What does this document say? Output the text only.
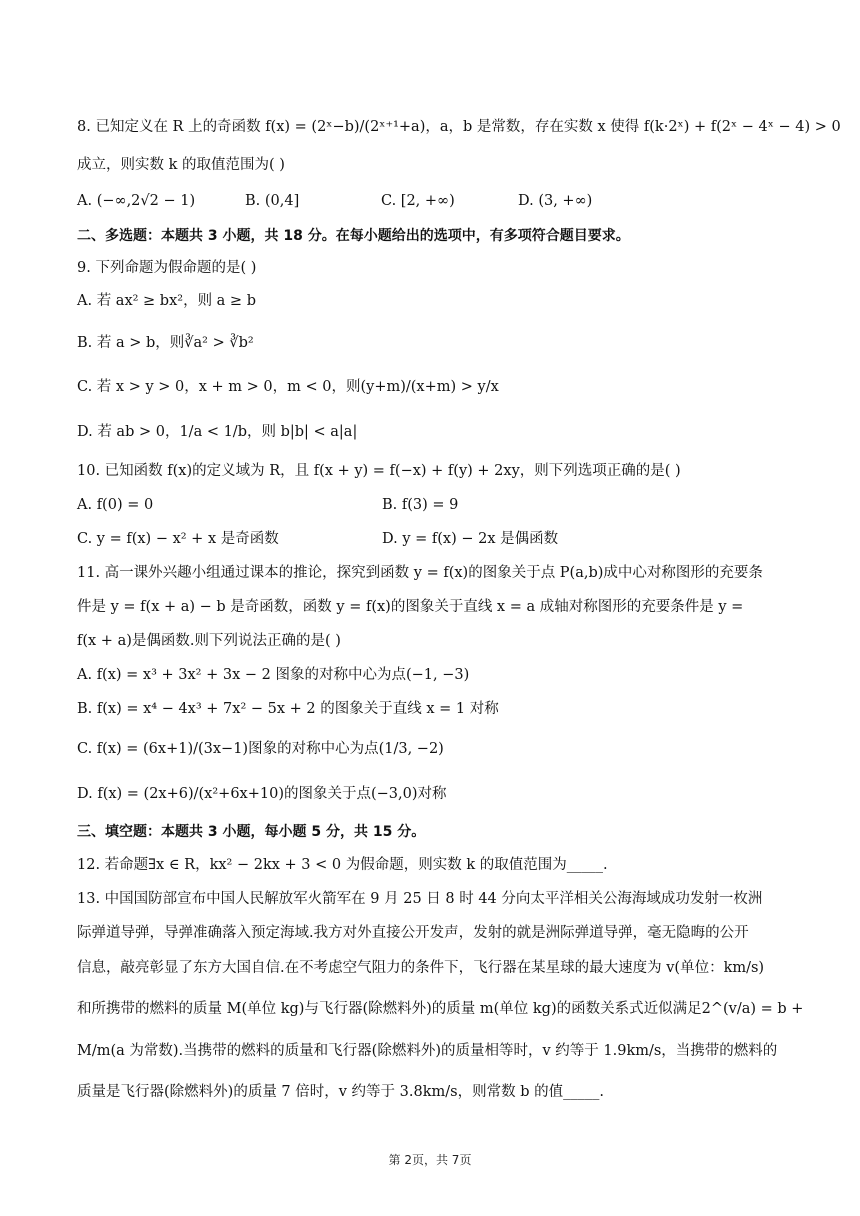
8. 已知定义在 R 上的奇函数 f(x) = (2ˣ−b)/(2ˣ⁺¹+a)，a，b 是常数，存在实数 x 使得 f(k·2ˣ) + f(2ˣ − 4ˣ − 4) > 0
成立，则实数 k 的取值范围为( )
A. (−∞,2√2 − 1)	B. (0,4]	C. [2, +∞)	D. (3, +∞)
二、多选题：本题共 3 小题，共 18 分。在每小题给出的选项中，有多项符合题目要求。
9. 下列命题为假命题的是( )
A. 若 ax² ≥ bx²，则 a ≥ b
B. 若 a > b，则∛a² > ∛b²
C. 若 x > y > 0，x + m > 0，m < 0，则(y+m)/(x+m) > y/x
D. 若 ab > 0，1/a < 1/b，则 b|b| < a|a|
10. 已知函数 f(x)的定义域为 R，且 f(x + y) = f(−x) + f(y) + 2xy，则下列选项正确的是( )
A. f(0) = 0	B. f(3) = 9
C. y = f(x) − x² + x 是奇函数	D. y = f(x) − 2x 是偶函数
11. 高一课外兴趣小组通过课本的推论，探究到函数 y = f(x)的图象关于点 P(a,b)成中心对称图形的充要条
件是 y = f(x + a) − b 是奇函数，函数 y = f(x)的图象关于直线 x = a 成轴对称图形的充要条件是 y =
f(x + a)是偶函数.则下列说法正确的是( )
A. f(x) = x³ + 3x² + 3x − 2 图象的对称中心为点(−1, −3)
B. f(x) = x⁴ − 4x³ + 7x² − 5x + 2 的图象关于直线 x = 1 对称
C. f(x) = (6x+1)/(3x−1)图象的对称中心为点(1/3, −2)
D. f(x) = (2x+6)/(x²+6x+10)的图象关于点(−3,0)对称
三、填空题：本题共 3 小题，每小题 5 分，共 15 分。
12. 若命题∃x ∈ R，kx² − 2kx + 3 < 0 为假命题，则实数 k 的取值范围为_____.
13. 中国国防部宣布中国人民解放军火箭军在 9 月 25 日 8 时 44 分向太平洋相关公海海域成功发射一枚洲
际弹道导弹，导弹准确落入预定海域.我方对外直接公开发声，发射的就是洲际弹道导弹，毫无隐晦的公开
信息，敲亮彰显了东方大国自信.在不考虑空气阻力的条件下，飞行器在某星球的最大速度为 v(单位：km/s)
和所携带的燃料的质量 M(单位 kg)与飞行器(除燃料外)的质量 m(单位 kg)的函数关系式近似满足2^(v/a) = b +
M/m(a 为常数).当携带的燃料的质量和飞行器(除燃料外)的质量相等时，v 约等于 1.9km/s，当携带的燃料的
质量是飞行器(除燃料外)的质量 7 倍时，v 约等于 3.8km/s，则常数 b 的值_____.
第 2页，共 7页
